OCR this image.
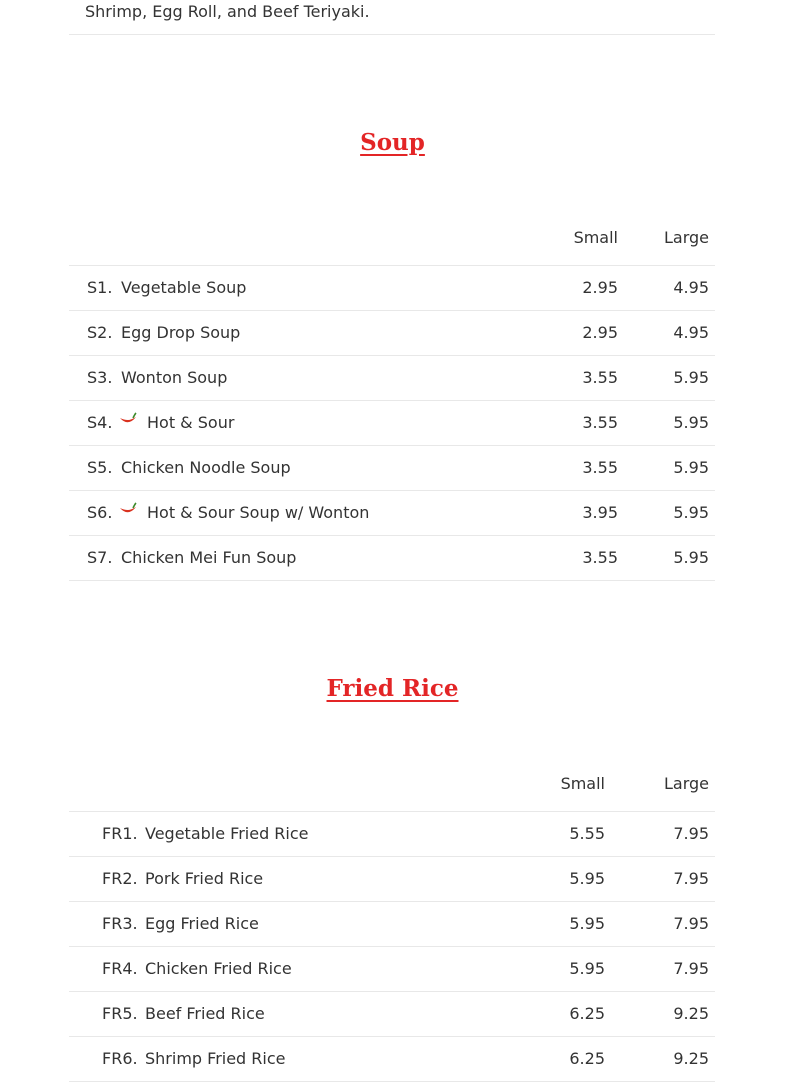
Shrimp, Egg Roll, and Beef Teriyaki.
Soup
Small	Large
S1. Vegetable Soup	2.95	4.95
S2. Egg Drop Soup	2.95	4.95
S3. Wonton Soup	3.55	5.95
S4. Hot & Sour	3.55	5.95
S5. Chicken Noodle Soup	3.55	5.95
S6. Hot & Sour Soup w/ Wonton	3.95	5.95
S7. Chicken Mei Fun Soup	3.55	5.95
Fried Rice
Small	Large
FR1. Vegetable Fried Rice	5.55	7.95
FR2. Pork Fried Rice	5.95	7.95
FR3. Egg Fried Rice	5.95	7.95
FR4. Chicken Fried Rice	5.95	7.95
FR5. Beef Fried Rice	6.25	9.25
FR6. Shrimp Fried Rice	6.25	9.25
